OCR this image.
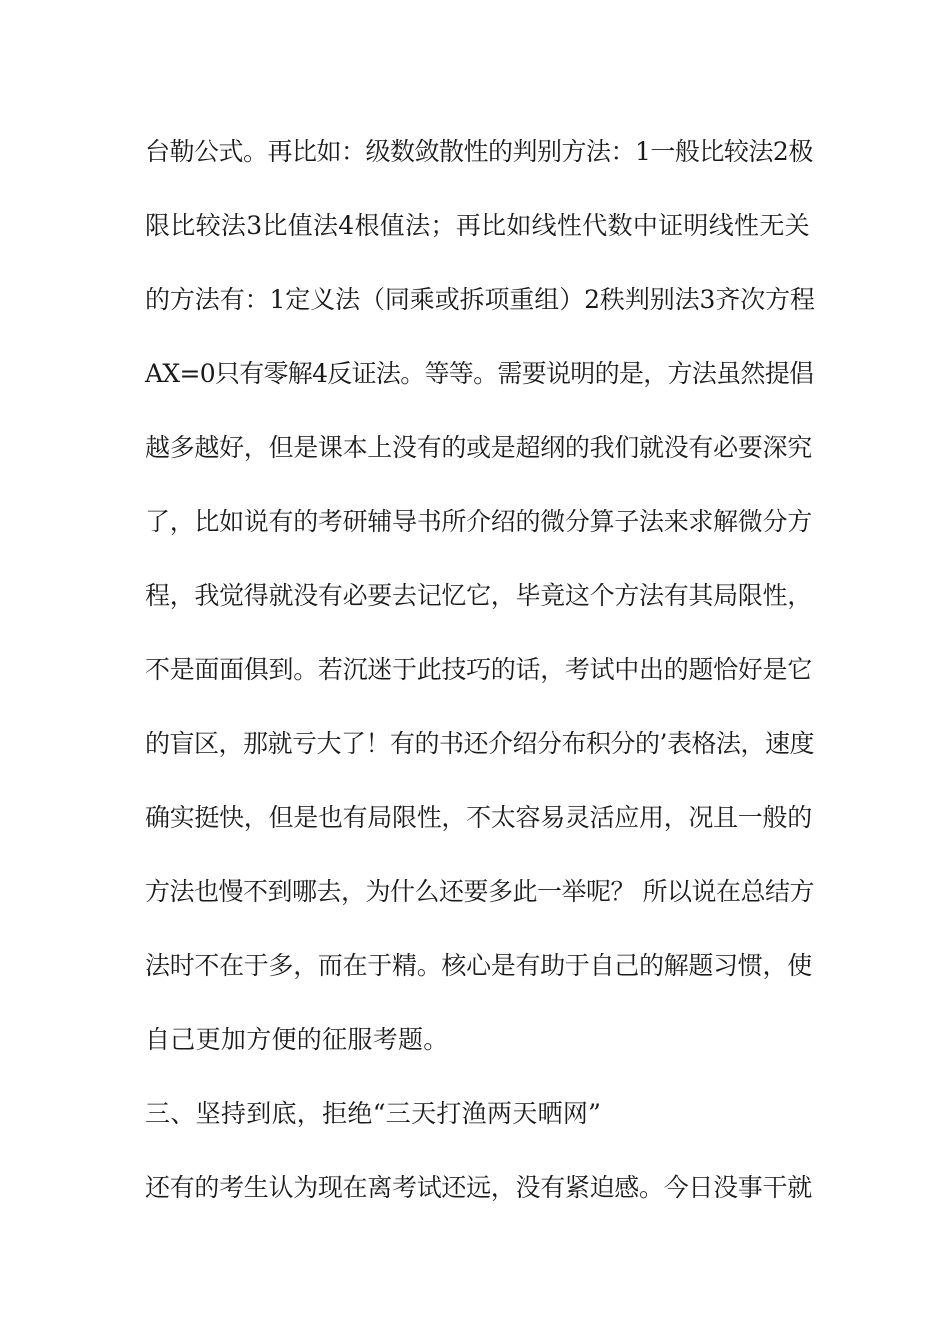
台勒公式。再比如：级数敛散性的判别方法：1一般比较法2极
限比较法3比值法4根值法；再比如线性代数中证明线性无关
的方法有：1定义法（同乘或拆项重组）2秩判别法3齐次方程
AX=0只有零解4反证法。等等。需要说明的是，方法虽然提倡
越多越好，但是课本上没有的或是超纲的我们就没有必要深究
了，比如说有的考研辅导书所介绍的微分算子法来求解微分方
程，我觉得就没有必要去记忆它，毕竟这个方法有其局限性，
不是面面俱到。若沉迷于此技巧的话，考试中出的题恰好是它
的盲区，那就亏大了！有的书还介绍分布积分的’表格法，速度
确实挺快，但是也有局限性，不太容易灵活应用，况且一般的
方法也慢不到哪去，为什么还要多此一举呢？ 所以说在总结方
法时不在于多，而在于精。核心是有助于自己的解题习惯，使
自己更加方便的征服考题。
三、坚持到底，拒绝“三天打渔两天晒网”
还有的考生认为现在离考试还远，没有紧迫感。今日没事干就
